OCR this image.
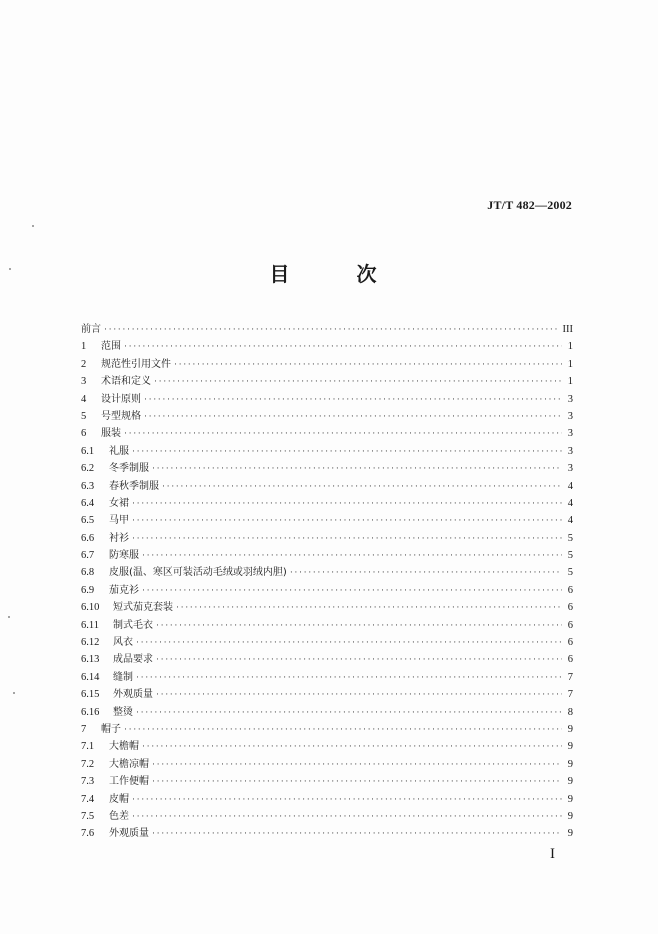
JT/T 482—2002
目 次
前言 ·····	III
1	范围 ·····	1
2	规范性引用文件 ·····	1
3	术语和定义 ·····	1
4	设计原则 ·····	3
5	号型规格 ·····	3
6	服装 ·····	3
6.1	礼服 ·····	3
6.2	冬季制服 ·····	3
6.3	春秋季制服 ·····	4
6.4	女裙 ·····	4
6.5	马甲 ·····	4
6.6	衬衫 ·····	5
6.7	防寒服 ·····	5
6.8	皮服(温、寒区可装活动毛绒或羽绒内胆) ·····	5
6.9	茄克衫 ·····	6
6.10	短式茄克套装 ·····	6
6.11	制式毛衣 ·····	6
6.12	风衣 ·····	6
6.13	成品要求 ·····	6
6.14	缝制 ·····	7
6.15	外观质量 ·····	7
6.16	整烫 ·····	8
7	帽子 ·····	9
7.1	大檐帽 ·····	9
7.2	大檐凉帽 ·····	9
7.3	工作便帽 ·····	9
7.4	皮帽 ·····	9
7.5	色差 ·····	9
7.6	外观质量 ·····	9
I
